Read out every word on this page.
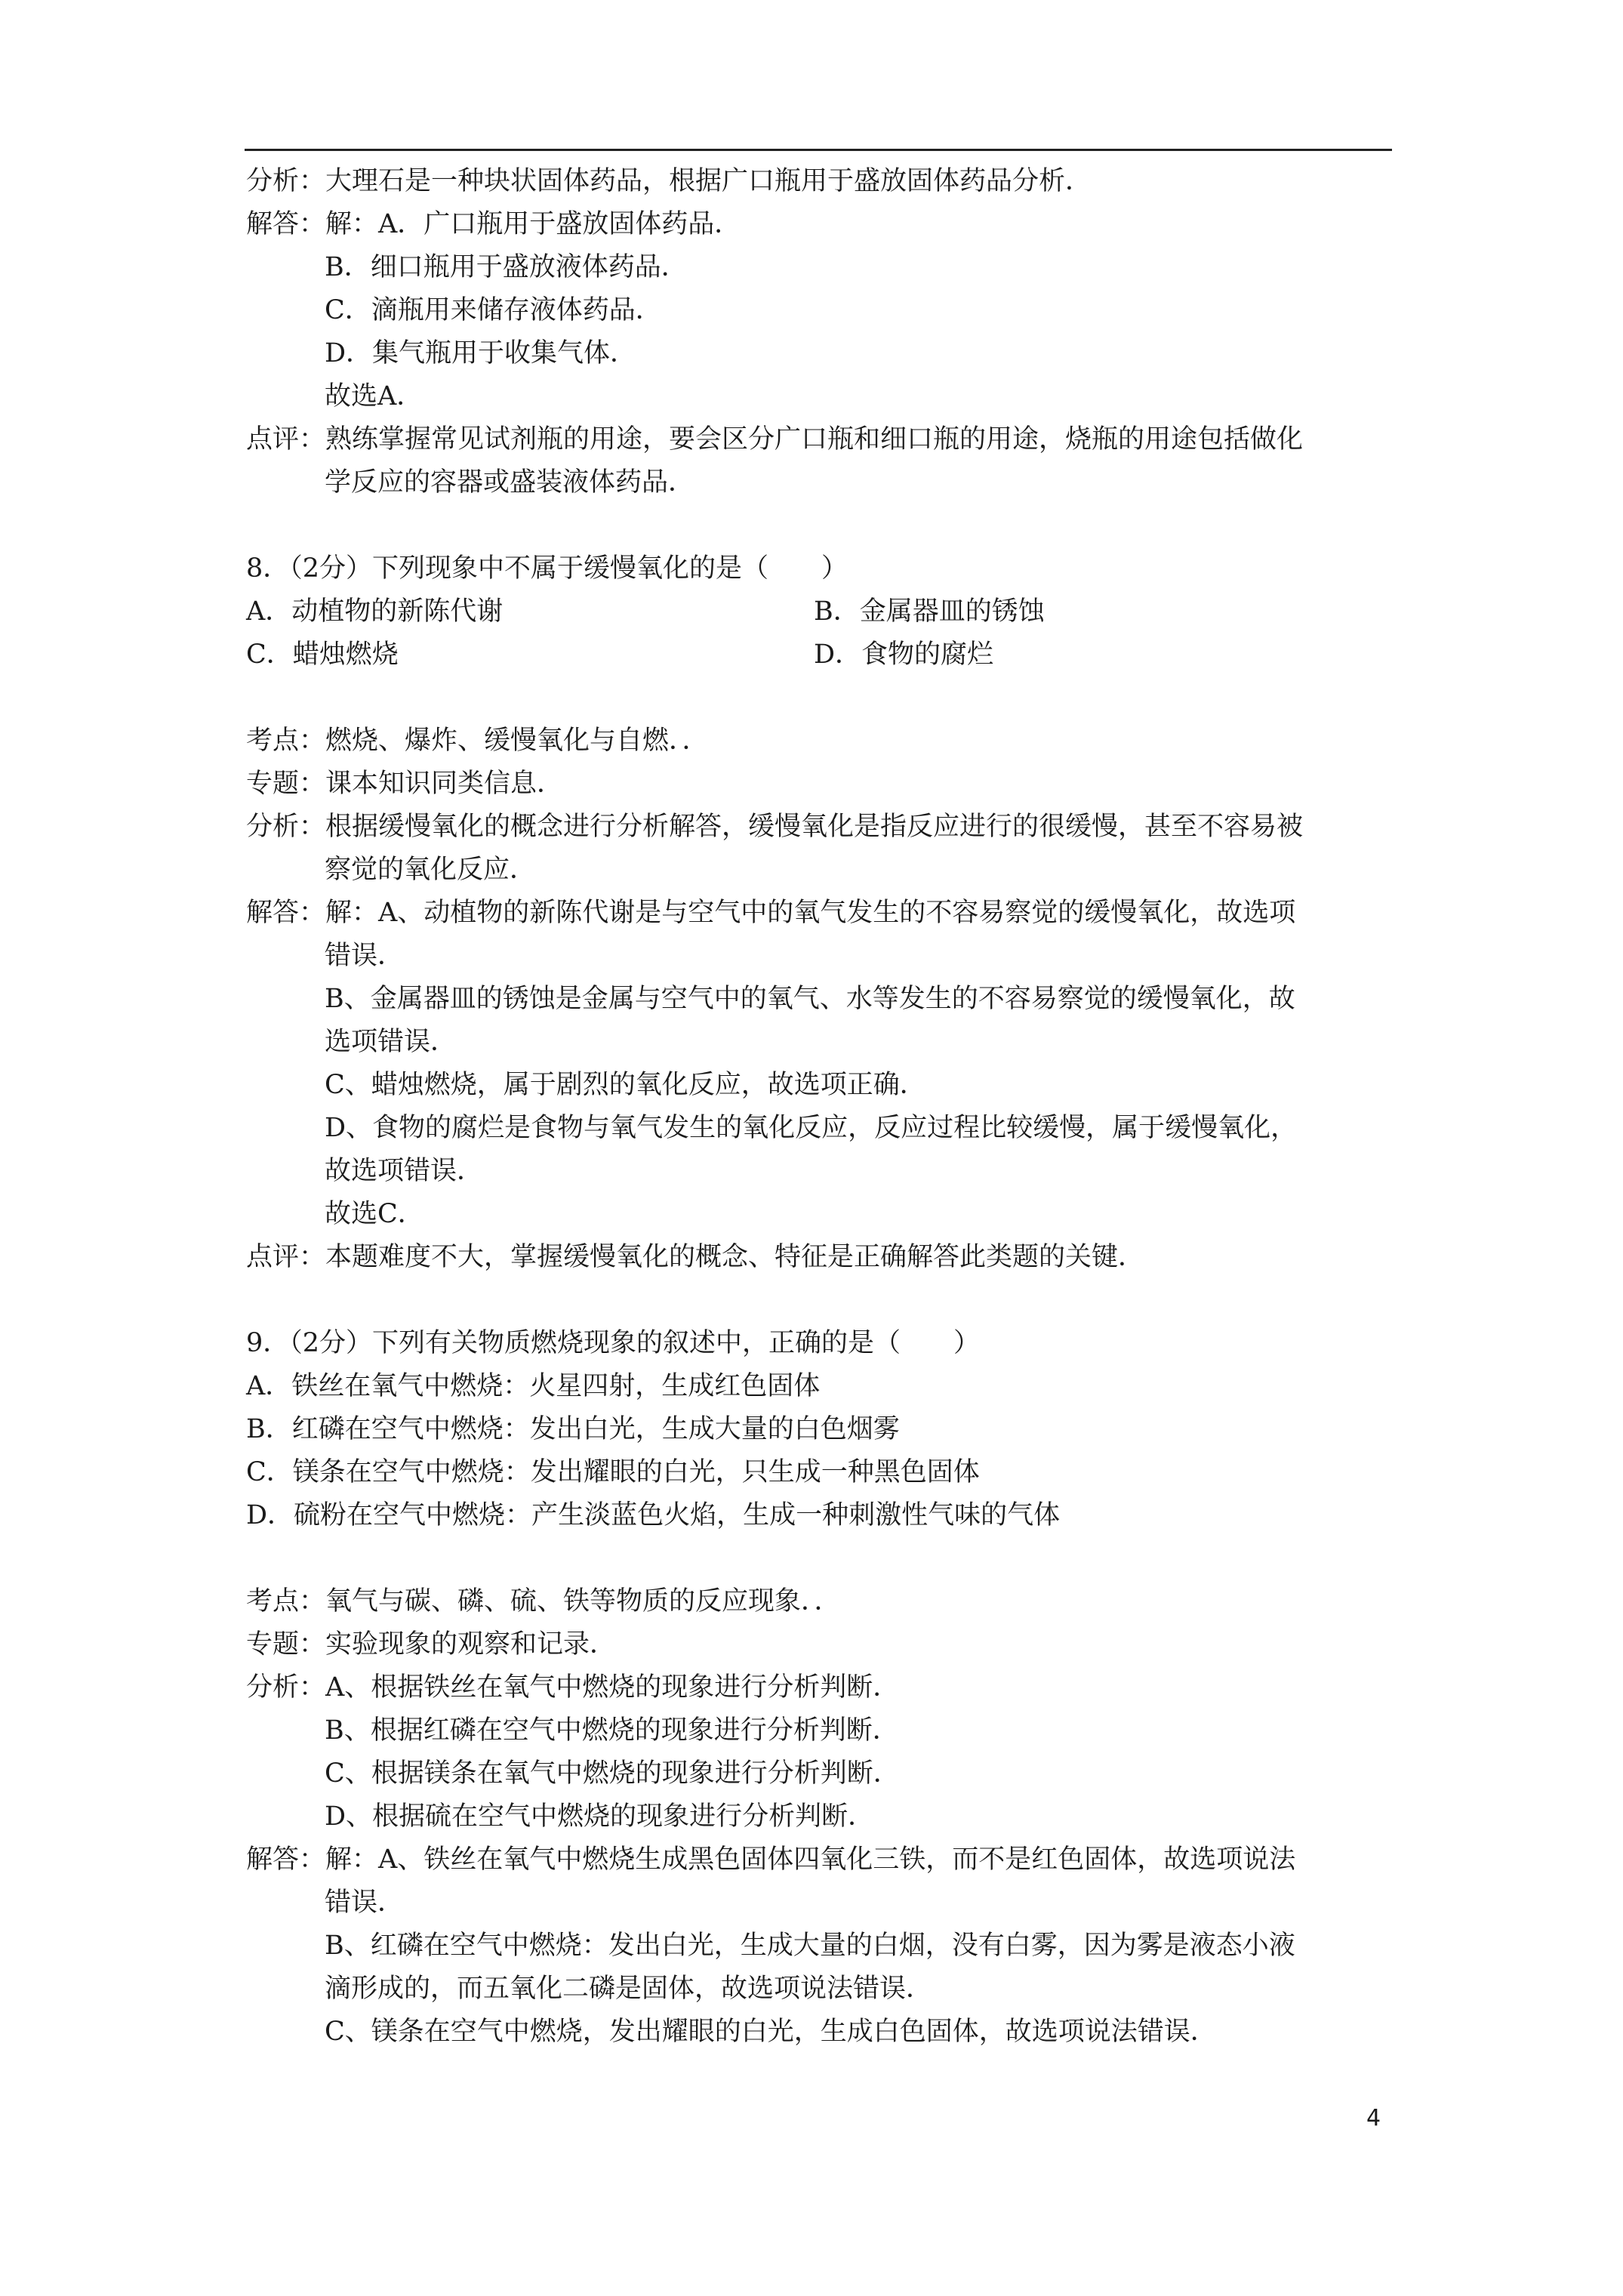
分析：大理石是一种块状固体药品，根据广口瓶用于盛放固体药品分析．
解答：解：A．广口瓶用于盛放固体药品．
B．细口瓶用于盛放液体药品．
C．滴瓶用来储存液体药品．
D．集气瓶用于收集气体．
故选A．
点评：熟练掌握常见试剂瓶的用途，要会区分广口瓶和细口瓶的用途，烧瓶的用途包括做化
学反应的容器或盛装液体药品．
8．（2分）下列现象中不属于缓慢氧化的是（　　）
A．动植物的新陈代谢	B．金属器皿的锈蚀
C．蜡烛燃烧	D．食物的腐烂
考点：燃烧、爆炸、缓慢氧化与自燃．．
专题：课本知识同类信息．
分析：根据缓慢氧化的概念进行分析解答，缓慢氧化是指反应进行的很缓慢，甚至不容易被
察觉的氧化反应．
解答：解：A、动植物的新陈代谢是与空气中的氧气发生的不容易察觉的缓慢氧化，故选项
错误．
B、金属器皿的锈蚀是金属与空气中的氧气、水等发生的不容易察觉的缓慢氧化，故
选项错误．
C、蜡烛燃烧，属于剧烈的氧化反应，故选项正确．
D、食物的腐烂是食物与氧气发生的氧化反应，反应过程比较缓慢，属于缓慢氧化，
故选项错误．
故选C．
点评：本题难度不大，掌握缓慢氧化的概念、特征是正确解答此类题的关键．
9．（2分）下列有关物质燃烧现象的叙述中，正确的是（　　）
A．铁丝在氧气中燃烧：火星四射，生成红色固体
B．红磷在空气中燃烧：发出白光，生成大量的白色烟雾
C．镁条在空气中燃烧：发出耀眼的白光，只生成一种黑色固体
D．硫粉在空气中燃烧：产生淡蓝色火焰，生成一种刺激性气味的气体
考点：氧气与碳、磷、硫、铁等物质的反应现象．．
专题：实验现象的观察和记录．
分析：A、根据铁丝在氧气中燃烧的现象进行分析判断．
B、根据红磷在空气中燃烧的现象进行分析判断．
C、根据镁条在氧气中燃烧的现象进行分析判断．
D、根据硫在空气中燃烧的现象进行分析判断．
解答：解：A、铁丝在氧气中燃烧生成黑色固体四氧化三铁，而不是红色固体，故选项说法
错误．
B、红磷在空气中燃烧：发出白光，生成大量的白烟，没有白雾，因为雾是液态小液
滴形成的，而五氧化二磷是固体，故选项说法错误．
C、镁条在空气中燃烧，发出耀眼的白光，生成白色固体，故选项说法错误．
4
